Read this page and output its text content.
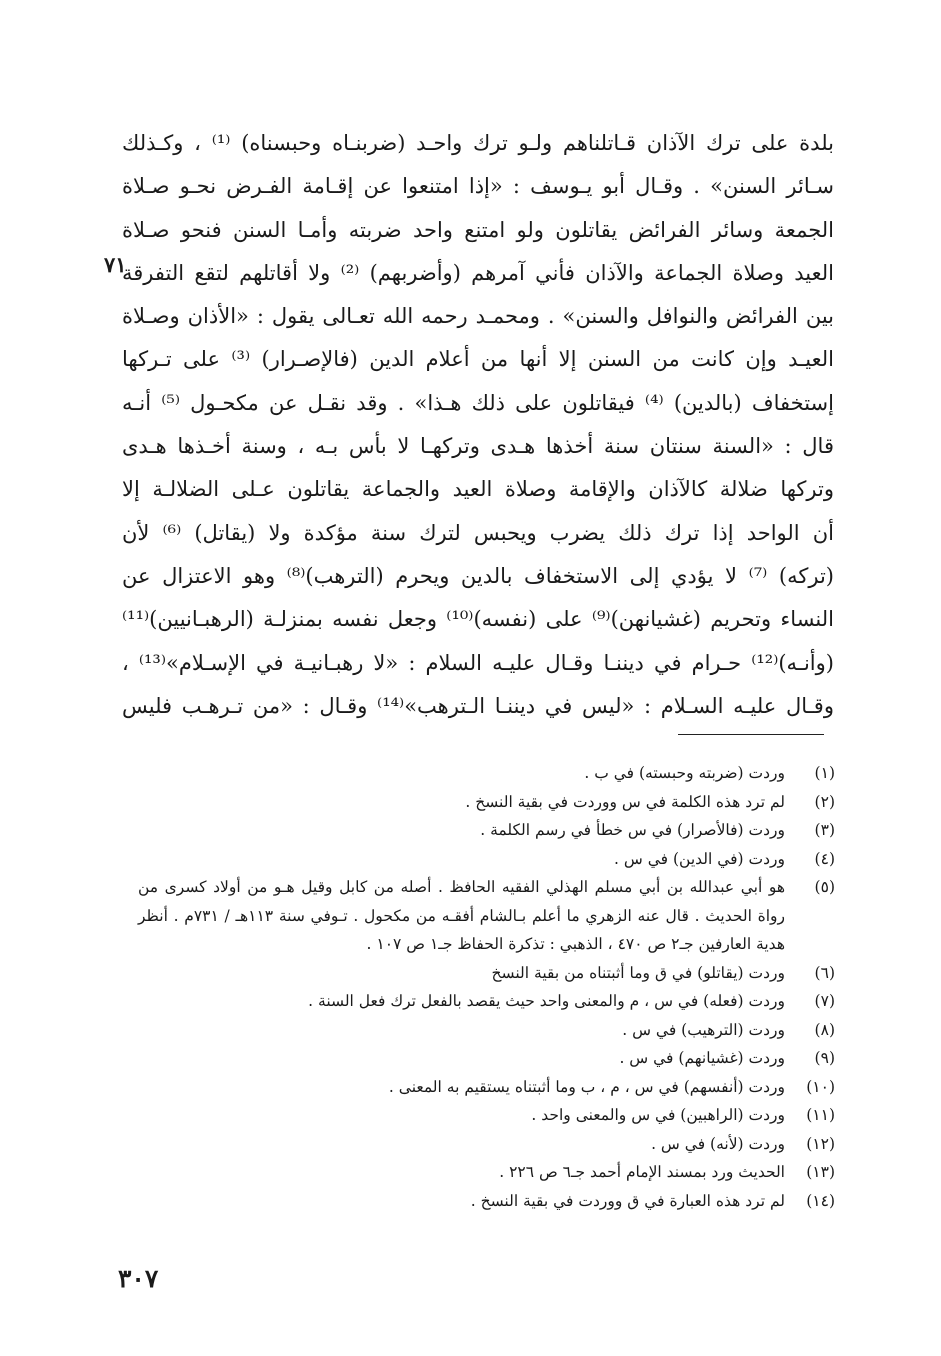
بلدة على ترك الآذان قـاتلناهم ولـو ترك واحـد (ضربنـاه وحبسناه) ⁽¹⁾ ، وكـذلك
سـائر السنن» . وقـال أبو يـوسف : «إذا امتنعوا عن إقـامة الفـرض نحـو صـلاة
الجمعة وسائر الفرائض يقاتلون ولو امتنع واحد ضربته وأمـا السنن فنحو صـلاة
العيد وصلاة الجماعة والآذان فأني آمرهم (وأضربهم) ⁽²⁾ ولا أقاتلهم لتقع التفرقة
بين الفرائض والنوافل والسنن» . ومحمـد رحمه الله تعـالى يقول : «الأذان وصـلاة
العيـد وإن كانت من السنن إلا أنها من أعلام الدين (فالإصـرار) ⁽³⁾ على تـركها
إستخفاف (بالدين) ⁽⁴⁾ فيقاتلون على ذلك هـذا» . وقد نقـل عن مكحـول ⁽⁵⁾ أنـه
قال : «السنة سنتان سنة أخذها هـدى وتركهـا لا بأس بـه ، وسنة أخـذها هـدى
وتركها ضلالة كالآذان والإقامة وصلاة العيد والجماعة يقاتلون عـلى الضلالـة إلا
أن الواحد إذا ترك ذلك يضرب ويحبس لترك سنة مؤكدة ولا (يقاتل) ⁽⁶⁾ لأن
(تركه) ⁽⁷⁾ لا يؤدي إلى الاستخفاف بالدين ويحرم (الترهب)⁽⁸⁾ وهو الاعتزال عن
النساء وتحريم (غشيانهن)⁽⁹⁾ على (نفسه)⁽¹⁰⁾ وجعل نفسه بمنزلـة (الرهبـانيين)⁽¹¹⁾
(وأنـه)⁽¹²⁾ حـرام في ديننـا وقـال عليـه السلام : «لا رهبـانيـة في الإسـلام»⁽¹³⁾ ،
وقـال عليـه السـلام : «ليس في ديننـا الـترهب»⁽¹⁴⁾ وقـال : «من تـرهـب فليس
٧١
(١)
وردت (ضربته وحبسته) في ب .
(٢)
لم ترد هذه الكلمة في س ووردت في بقية النسخ .
(٣)
وردت (فالأصرار) في س خطأ في رسم الكلمة .
(٤)
وردت (في الدين) في س .
(٥)
هو أبي عبدالله بن أبي مسلم الهذلي الفقيه الحافظ . أصله من كابل وقيل هـو من أولاد كسرى من رواة الحديث . قال عنه الزهري ما أعلم بـالشام أفقـه من مكحول . تـوفي سنة ١١٣هـ / ٧٣١م . أنظر هدية العارفين جـ٢ ص ٤٧٠ ، الذهبي : تذكرة الحفاظ جـ١ ص ١٠٧ .
(٦)
وردت (يقاتلو) في ق وما أثبتناه من بقية النسخ
(٧)
وردت (فعله) في س ، م والمعنى واحد حيث يقصد بالفعل ترك فعل السنة .
(٨)
وردت (الترهيب) في س .
(٩)
وردت (غشيانهم) في س .
(١٠)
وردت (أنفسهم) في س ، م ، ب وما أثبتناه يستقيم به المعنى .
(١١)
وردت (الراهبين) في س والمعنى واحد .
(١٢)
وردت (لأنه) في س .
(١٣)
الحديث ورد بمسند الإمام أحمد جـ٦ ص ٢٢٦ .
(١٤)
لم ترد هذه العبارة في ق ووردت في بقية النسخ .
٣٠٧
